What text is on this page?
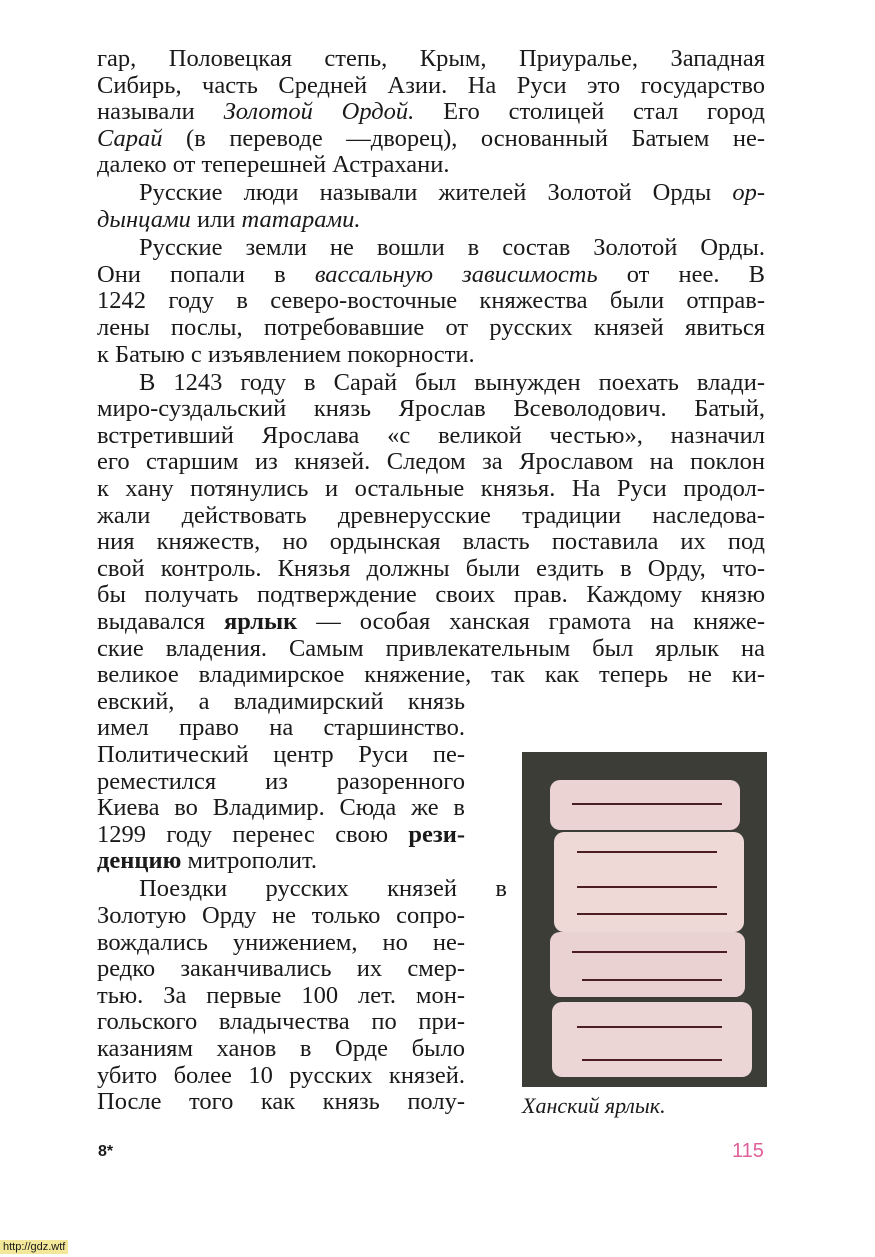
гар, Половецкая степь, Крым, Приуралье, Западная
Сибирь, часть Средней Азии. На Руси это государство
называли Золотой Ордой. Его столицей стал город
Сарай (в переводе —дворец), основанный Батыем не-
далеко от теперешней Астрахани.
Русские люди называли жителей Золотой Орды ор-
дынцами или татарами.
Русские земли не вошли в состав Золотой Орды.
Они попали в вассальную зависимость от нее. В
1242 году в северо-восточные княжества были отправ-
лены послы, потребовавшие от русских князей явиться
к Батыю с изъявлением покорности.
В 1243 году в Сарай был вынужден поехать влади-
миро-суздальский князь Ярослав Всеволодович. Батый,
встретивший Ярослава «с великой честью», назначил
его старшим из князей. Следом за Ярославом на поклон
к хану потянулись и остальные князья. На Руси продол-
жали действовать древнерусские традиции наследова-
ния княжеств, но ордынская власть поставила их под
свой контроль. Князья должны были ездить в Орду, что-
бы получать подтверждение своих прав. Каждому князю
выдавался ярлык — особая ханская грамота на княже-
ские владения. Самым привлекательным был ярлык на
великое владимирское княжение, так как теперь не ки-
евский, а владимирский князь
имел право на старшинство.
Политический центр Руси пе-
реместился из разоренного
Киева во Владимир. Сюда же в
1299 году перенес свою рези-
денцию митрополит.
Поездки русских князей в
Золотую Орду не только сопро-
вождались унижением, но не-
редко заканчивались их смер-
тью. За первые 100 лет. мон-
гольского владычества по при-
казаниям ханов в Орде было
убито более 10 русских князей.
После того как князь полу-	Ханский ярлык.
8*	115
http://gdz.wtf
